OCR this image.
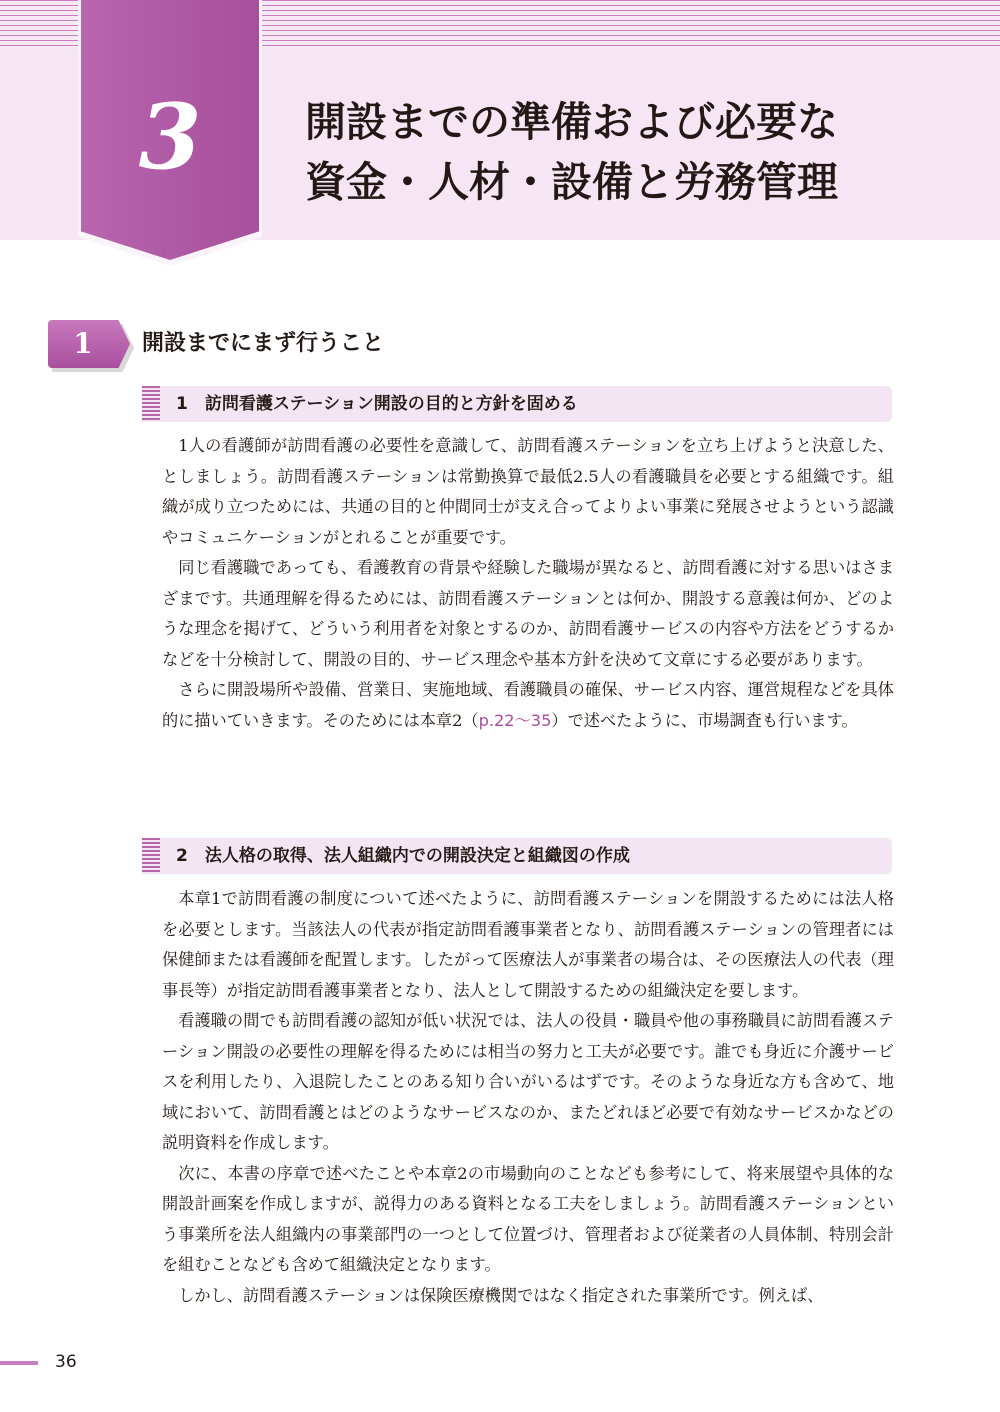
3	開設までの準備および必要な
資金・人材・設備と労務管理
1	開設までにまず行うこと
1　訪問看護ステーション開設の目的と方針を固める

1人の看護師が訪問看護の必要性を意識して、訪問看護ステーションを立ち上げようと決意した、としましょう。訪問看護ステーションは常勤換算で最低2.5人の看護職員を必要とする組織です。組織が成り立つためには、共通の目的と仲間同士が支え合ってよりよい事業に発展させようという認識やコミュニケーションがとれることが重要です。

同じ看護職であっても、看護教育の背景や経験した職場が異なると、訪問看護に対する思いはさまざまです。共通理解を得るためには、訪問看護ステーションとは何か、開設する意義は何か、どのような理念を掲げて、どういう利用者を対象とするのか、訪問看護サービスの内容や方法をどうするかなどを十分検討して、開設の目的、サービス理念や基本方針を決めて文章にする必要があります。

さらに開設場所や設備、営業日、実施地域、看護職員の確保、サービス内容、運営規程などを具体的に描いていきます。そのためには本章2（p.22〜35）で述べたように、市場調査も行います。

2　法人格の取得、法人組織内での開設決定と組織図の作成

本章1で訪問看護の制度について述べたように、訪問看護ステーションを開設するためには法人格を必要とします。当該法人の代表が指定訪問看護事業者となり、訪問看護ステーションの管理者には保健師または看護師を配置します。したがって医療法人が事業者の場合は、その医療法人の代表（理事長等）が指定訪問看護事業者となり、法人として開設するための組織決定を要します。

看護職の間でも訪問看護の認知が低い状況では、法人の役員・職員や他の事務職員に訪問看護ステーション開設の必要性の理解を得るためには相当の努力と工夫が必要です。誰でも身近に介護サービスを利用したり、入退院したことのある知り合いがいるはずです。そのような身近な方も含めて、地域において、訪問看護とはどのようなサービスなのか、またどれほど必要で有効なサービスかなどの説明資料を作成します。

次に、本書の序章で述べたことや本章2の市場動向のことなども参考にして、将来展望や具体的な開設計画案を作成しますが、説得力のある資料となる工夫をしましょう。訪問看護ステーションという事業所を法人組織内の事業部門の一つとして位置づけ、管理者および従業者の人員体制、特別会計を組むことなども含めて組織決定となります。

しかし、訪問看護ステーションは保険医療機関ではなく指定された事業所です。例えば、

36
